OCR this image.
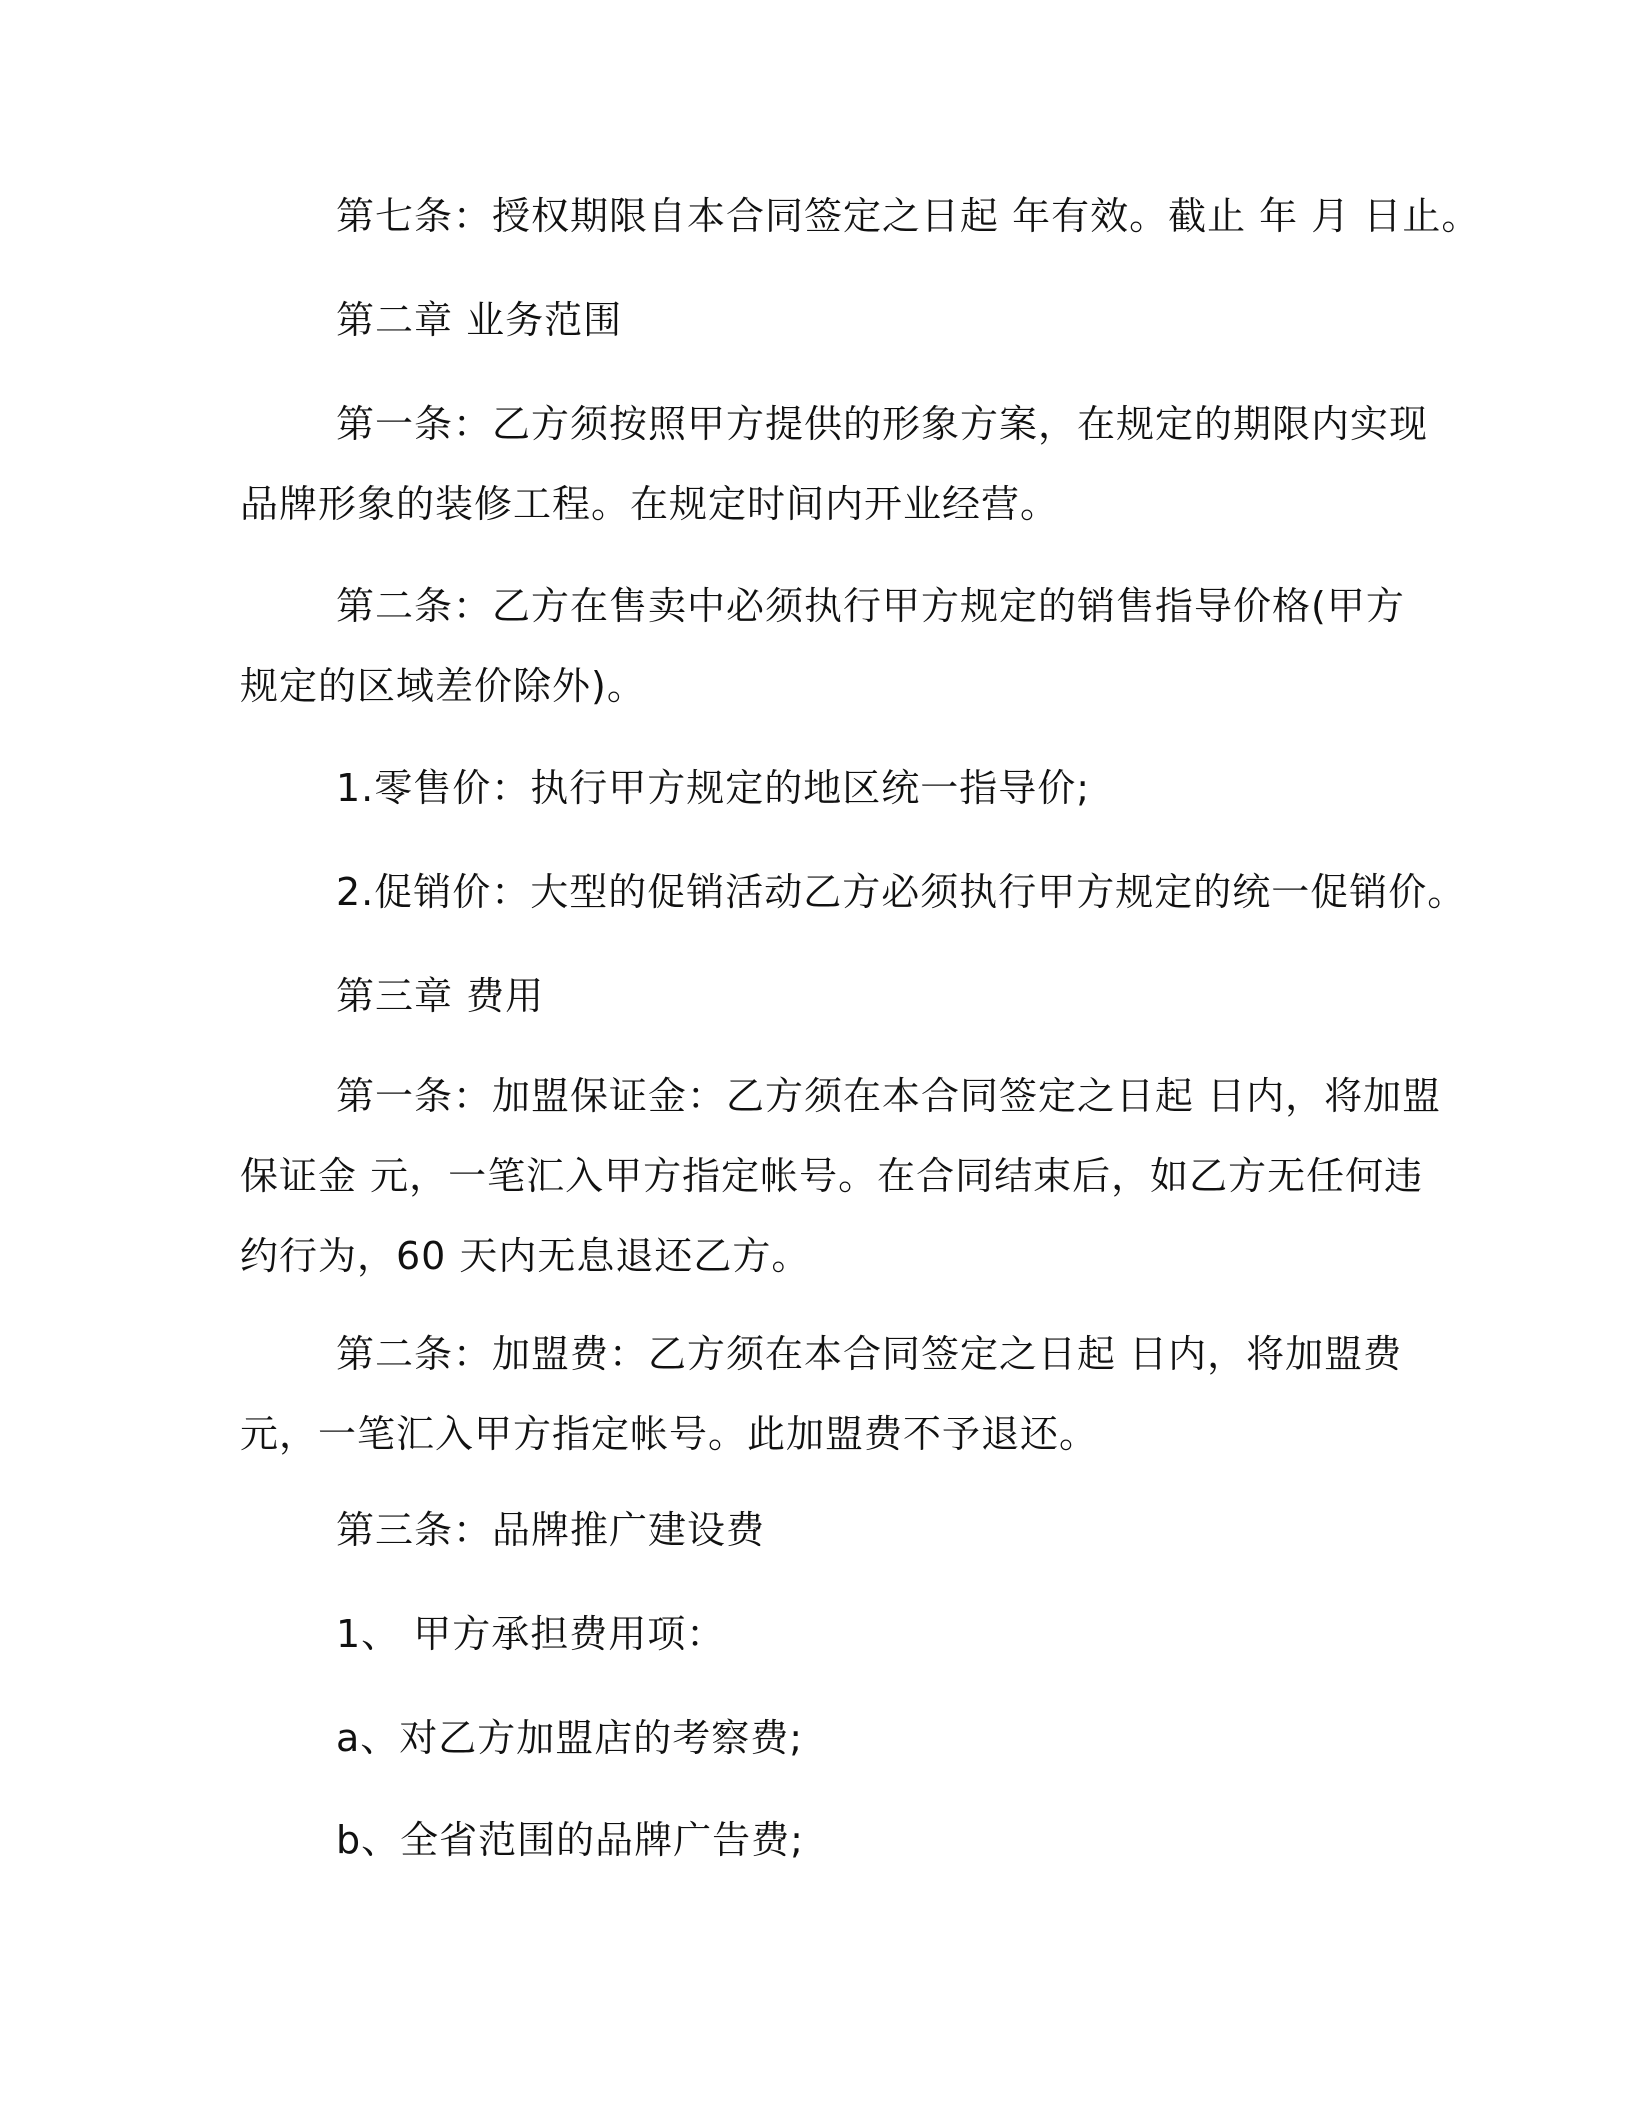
第七条：授权期限自本合同签定之日起 年有效。截止 年 月 日止。

第二章 业务范围

第一条：乙方须按照甲方提供的形象方案，在规定的期限内实现
品牌形象的装修工程。在规定时间内开业经营。

第二条：乙方在售卖中必须执行甲方规定的销售指导价格(甲方
规定的区域差价除外)。

1.零售价：执行甲方规定的地区统一指导价;

2.促销价：大型的促销活动乙方必须执行甲方规定的统一促销价。

第三章 费用

第一条：加盟保证金：乙方须在本合同签定之日起 日内，将加盟
保证金 元，一笔汇入甲方指定帐号。在合同结束后，如乙方无任何违
约行为，60 天内无息退还乙方。

第二条：加盟费：乙方须在本合同签定之日起 日内，将加盟费
元，一笔汇入甲方指定帐号。此加盟费不予退还。

第三条：品牌推广建设费

1、 甲方承担费用项：

a、对乙方加盟店的考察费;

b、全省范围的品牌广告费;
